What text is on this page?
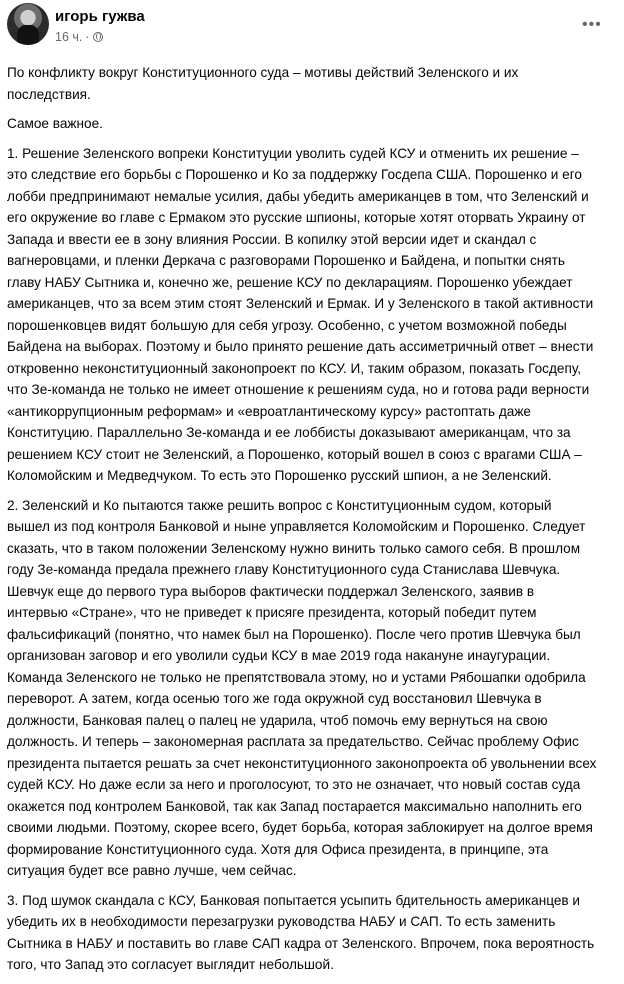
игорь гужва
16 ч. ·
•••
По конфликту вокруг Конституционного суда – мотивы действий Зеленского и их
последствия.
Самое важное.
1. Решение Зеленского вопреки Конституции уволить судей КСУ и отменить их решение –
это следствие его борьбы с Порошенко и Ко за поддержку Госдепа США. Порошенко и его
лобби предпринимают немалые усилия, дабы убедить американцев в том, что Зеленский и
его окружение во главе с Ермаком это русские шпионы, которые хотят оторвать Украину от
Запада и ввести ее в зону влияния России. В копилку этой версии идет и скандал с
вагнеровцами, и пленки Деркача с разговорами Порошенко и Байдена, и попытки снять
главу НАБУ Сытника и, конечно же, решение КСУ по декларациям. Порошенко убеждает
американцев, что за всем этим стоят Зеленский и Ермак. И у Зеленского в такой активности
порошенковцев видят большую для себя угрозу. Особенно, с учетом возможной победы
Байдена на выборах. Поэтому и было принято решение дать ассиметричный ответ – внести
откровенно неконституционный законопроект по КСУ. И, таким образом, показать Госдепу,
что Зе-команда не только не имеет отношение к решениям суда, но и готова ради верности
«антикоррупционным реформам» и «евроатлантическому курсу» растоптать даже
Конституцию. Параллельно Зе-команда и ее лоббисты доказывают американцам, что за
решением КСУ стоит не Зеленский, а Порошенко, который вошел в союз с врагами США –
Коломойским и Медведчуком. То есть это Порошенко русский шпион, а не Зеленский.
2. Зеленский и Ко пытаются также решить вопрос с Конституционным судом, который
вышел из под контроля Банковой и ныне управляется Коломойским и Порошенко. Следует
сказать, что в таком положении Зеленскому нужно винить только самого себя. В прошлом
году Зе-команда предала прежнего главу Конституционного суда Станислава Шевчука.
Шевчук еще до первого тура выборов фактически поддержал Зеленского, заявив в
интервью «Стране», что не приведет к присяге президента, который победит путем
фальсификаций (понятно, что намек был на Порошенко). После чего против Шевчука был
организован заговор и его уволили судьи КСУ в мае 2019 года накануне инаугурации.
Команда Зеленского не только не препятствовала этому, но и устами Рябошапки одобрила
переворот. А затем, когда осенью того же года окружной суд восстановил Шевчука в
должности, Банковая палец о палец не ударила, чтоб помочь ему вернуться на свою
должность. И теперь – закономерная расплата за предательство. Сейчас проблему Офис
президента пытается решать за счет неконституционного законопроекта об увольнении всех
судей КСУ. Но даже если за него и проголосуют, то это не означает, что новый состав суда
окажется под контролем Банковой, так как Запад постарается максимально наполнить его
своими людьми. Поэтому, скорее всего, будет борьба, которая заблокирует на долгое время
формирование Конституционного суда. Хотя для Офиса президента, в принципе, эта
ситуация будет все равно лучше, чем сейчас.
3. Под шумок скандала с КСУ, Банковая попытается усыпить бдительность американцев и
убедить их в необходимости перезагрузки руководства НАБУ и САП. То есть заменить
Сытника в НАБУ и поставить во главе САП кадра от Зеленского. Впрочем, пока вероятность
того, что Запад это согласует выглядит небольшой.
